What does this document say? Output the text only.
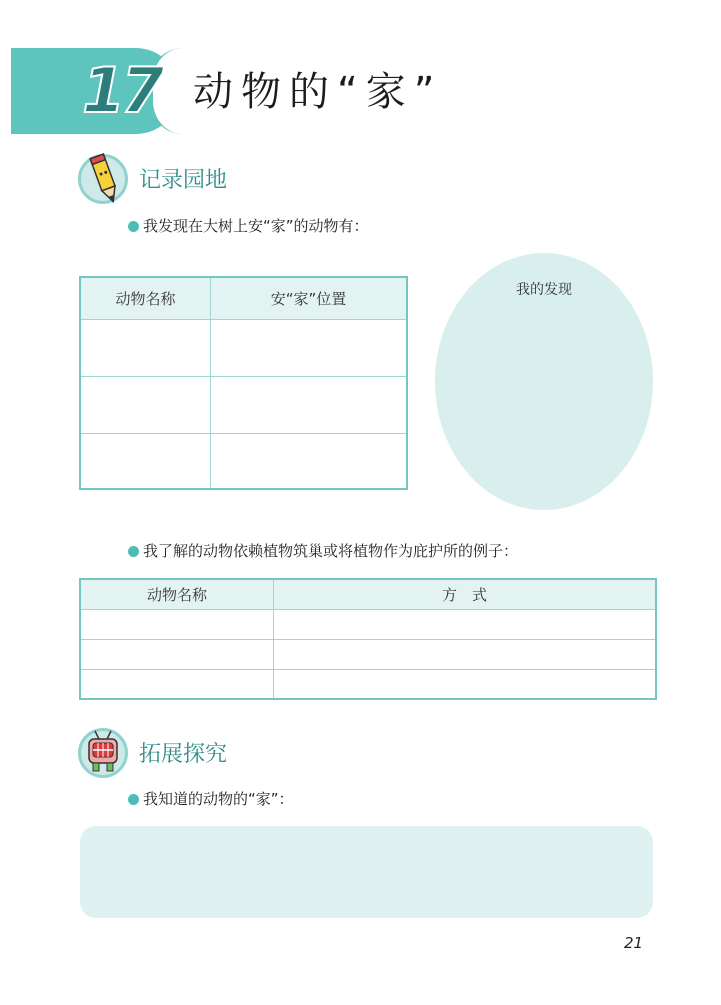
17 动物的“家”
记录园地
我发现在大树上安“家”的动物有：
动物名称	安“家”位置

		我的发现
我了解的动物依赖植物筑巢或将植物作为庇护所的例子：
动物名称	方　式

拓展探究
我知道的动物的“家”：
21
